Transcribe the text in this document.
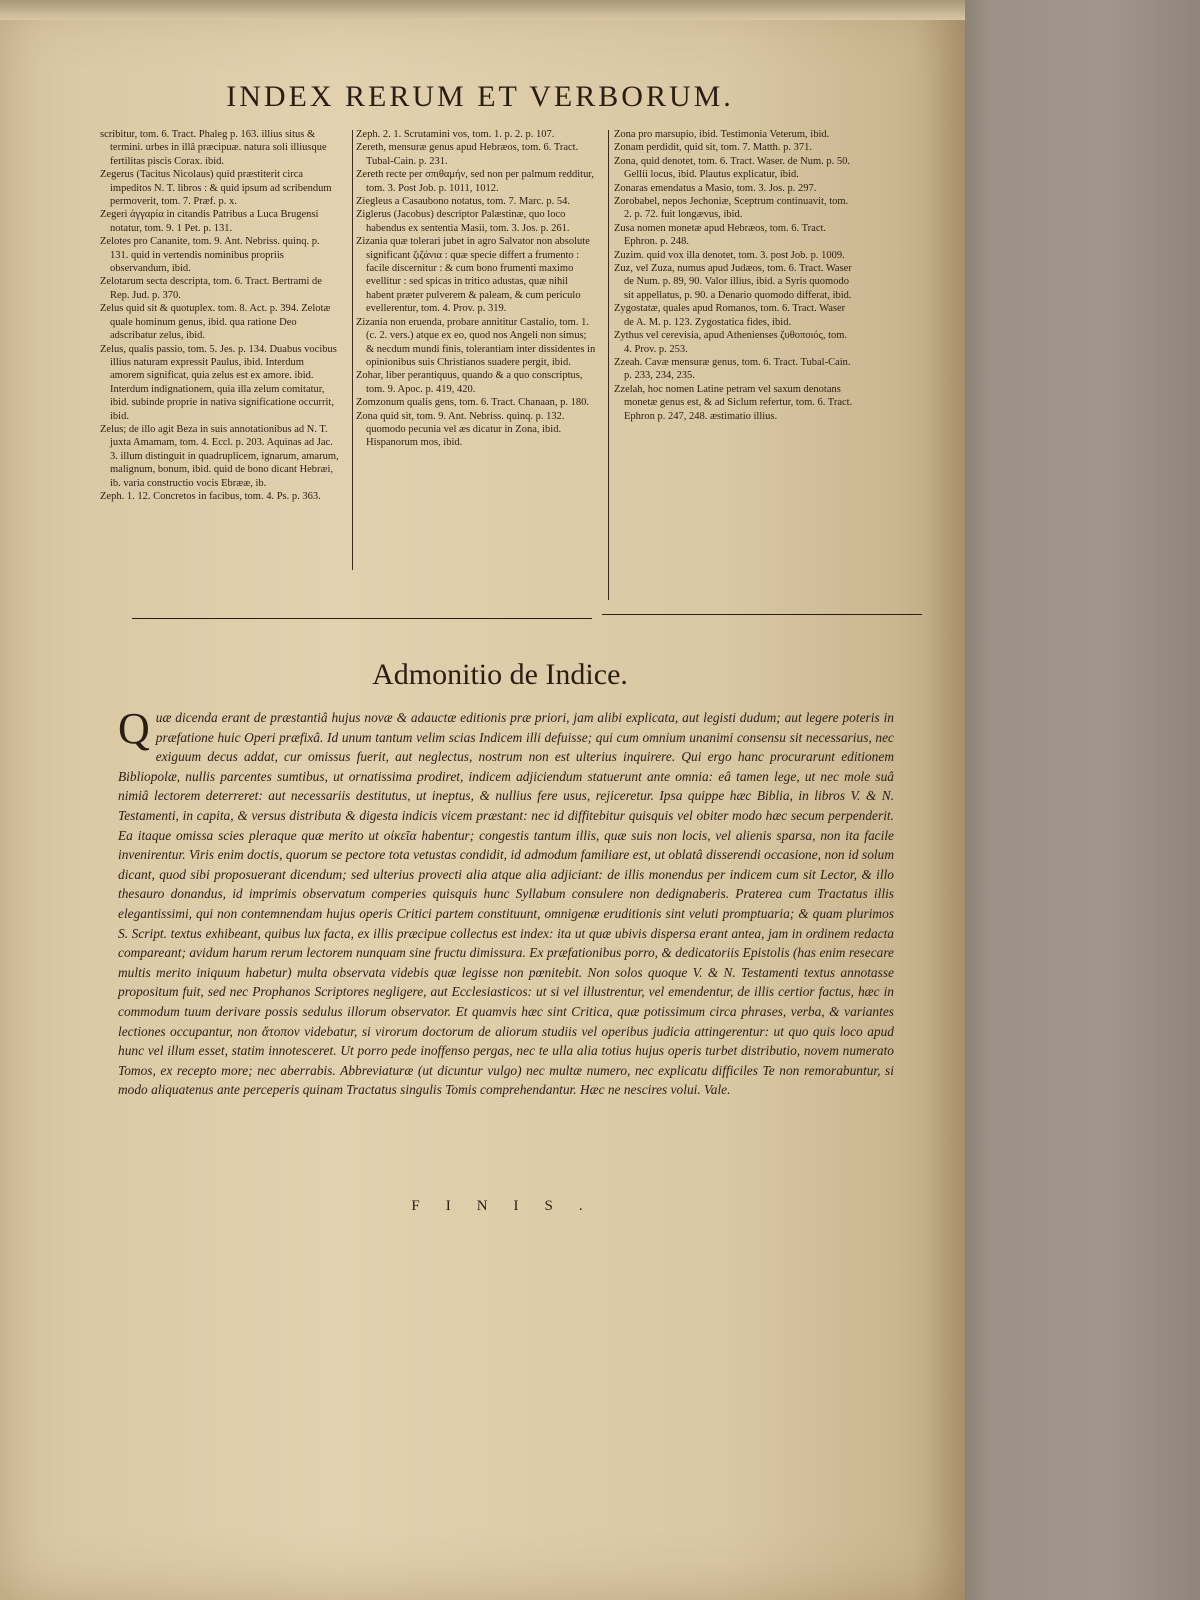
INDEX RERUM ET VERBORUM.

scribitur, tom. 6. Tract. Phaleg p. 163. illius situs & termini. urbes in illâ præcipuæ. natura soli illiusque fertilitas piscis Corax. ibid.

Zegerus (Tacitus Nicolaus) quid præstiterit circa impeditos N. T. libros : & quid ipsum ad scribendum permoverit, tom. 7. Præf. p. x.

Zegeri άγγαρία in citandis Patribus a Luca Brugensi notatur, tom. 9. 1 Pet. p. 131.

Zelotes pro Cananite, tom. 9. Ant. Nebriss. quinq. p. 131. quid in vertendis nominibus propriis observandum, ibid.

Zelotarum secta descripta, tom. 6. Tract. Bertrami de Rep. Jud. p. 370.

Zelus quid sit & quotuplex. tom. 8. Act. p. 394. Zelotæ quale hominum genus, ibid. qua ratione Deo adscribatur zelus, ibid.

Zelus, qualis passio, tom. 5. Jes. p. 134. Duabus vocibus illius naturam expressit Paulus, ibid. Interdum amorem significat, quia zelus est ex amore. ibid. Interdum indignationem, quia illa zelum comitatur, ibid. subinde proprie in nativa significatione occurrit, ibid.

Zelus; de illo agit Beza in suis annotationibus ad N. T. juxta Amamam, tom. 4. Eccl. p. 203. Aquinas ad Jac. 3. illum distinguit in quadruplicem, ignarum, amarum, malignum, bonum, ibid. quid de bono dicant Hebræi, ib. varia constructio vocis Ebrææ, ib.

Zeph. 1. 12. Concretos in facibus, tom. 4. Ps. p. 363.

Zeph. 2. 1. Scrutamini vos, tom. 1. p. 2. p. 107.

Zereth, mensuræ genus apud Hebræos, tom. 6. Tract. Tubal-Cain. p. 231.

Zereth recte per σπιθαμήν, sed non per palmum redditur, tom. 3. Post Job. p. 1011, 1012.

Ziegleus a Casaubono notatus, tom. 7. Marc. p. 54.

Ziglerus (Jacobus) descriptor Palæstinæ, quo loco habendus ex sententia Masii, tom. 3. Jos. p. 261.

Zizania quæ tolerari jubet in agro Salvator non absolute significant ζιζάνια : quæ specie differt a frumento : facile discernitur : & cum bono frumenti maximo evellitur : sed spicas in tritico adustas, quæ nihil habent præter pulverem & paleam, & cum periculo evellerentur, tom. 4. Prov. p. 319.

Zizania non eruenda, probare annititur Castalio, tom. 1. (c. 2. vers.) atque ex eo, quod nos Angeli non simus; & necdum mundi finis, tolerantiam inter dissidentes in opinionibus suis Christianos suadere pergit, ibid.

Zohar, liber perantiquus, quando & a quo conscriptus, tom. 9. Apoc. p. 419, 420.

Zomzonum qualis gens, tom. 6. Tract. Chanaan, p. 180.

Zona quid sit, tom. 9. Ant. Nebriss. quinq. p. 132. quomodo pecunia vel æs dicatur in Zona, ibid. Hispanorum mos, ibid.

Zona pro marsupio, ibid. Testimonia Veterum, ibid.

Zonam perdidit, quid sit, tom. 7. Matth. p. 371.

Zona, quid denotet, tom. 6. Tract. Waser. de Num. p. 50. Gellii locus, ibid. Plautus explicatur, ibid.

Zonaras emendatus a Masio, tom. 3. Jos. p. 297.

Zorobabel, nepos Jechoniæ, Sceptrum continuavit, tom. 2. p. 72. fuit longævus, ibid.

Zusa nomen monetæ apud Hebræos, tom. 6. Tract. Ephron. p. 248.

Zuzim. quid vox illa denotet, tom. 3. post Job. p. 1009.

Zuz, vel Zuza, numus apud Judæos, tom. 6. Tract. Waser de Num. p. 89, 90. Valor illius, ibid. a Syris quomodo sit appellatus, p. 90. a Denario quomodo differat, ibid.

Zygostatæ, quales apud Romanos, tom. 6. Tract. Waser de A. M. p. 123. Zygostatica fides, ibid.

Zythus vel cerevisia, apud Athenienses ζυθοποιός, tom. 4. Prov. p. 253.

Zzeah. Cavæ mensuræ genus, tom. 6. Tract. Tubal-Cain. p. 233, 234, 235.

Zzelah, hoc nomen Latine petram vel saxum denotans monetæ genus est, & ad Siclum refertur, tom. 6. Tract. Ephron p. 247, 248. æstimatio illius.

Admonitio de Indice.
Quæ dicenda erant de præstantiâ hujus novæ & adauctæ editionis præ priori, jam alibi explicata, aut legisti dudum; aut legere poteris in præfatione huic Operi præfixâ. Id unum tantum velim scias Indicem illi defuisse; qui cum omnium unanimi consensu sit necessarius, nec exiguum decus addat, cur omissus fuerit, aut neglectus, nostrum non est ulterius inquirere. Qui ergo hanc procurarunt editionem Bibliopolæ, nullis parcentes sumtibus, ut ornatissima prodiret, indicem adjiciendum statuerunt ante omnia: eâ tamen lege, ut nec mole suâ nimiâ lectorem deterreret: aut necessariis destitutus, ut ineptus, & nullius fere usus, rejiceretur. Ipsa quippe hæc Biblia, in libros V. & N. Testamenti, in capita, & versus distributa & digesta indicis vicem præstant: nec id diffitebitur quisquis vel obiter modo hæc secum perpenderit. Ea itaque omissa scies pleraque quæ merito ut οἰκεῖα habentur; congestis tantum illis, quæ suis non locis, vel alienis sparsa, non ita facile invenirentur. Viris enim doctis, quorum se pectore tota vetustas condidit, id admodum familiare est, ut oblatâ disserendi occasione, non id solum dicant, quod sibi proposuerant dicendum; sed ulterius provecti alia atque alia adjiciant: de illis monendus per indicem cum sit Lector, & illo thesauro donandus, id imprimis observatum comperies quisquis hunc Syllabum consulere non dedignaberis. Praterea cum Tractatus illis elegantissimi, qui non contemnendam hujus operis Critici partem constituunt, omnigenæ eruditionis sint veluti promptuaria; & quam plurimos S. Script. textus exhibeant, quibus lux facta, ex illis præcipue collectus est index: ita ut quæ ubivis dispersa erant antea, jam in ordinem redacta compareant; avidum harum rerum lectorem nunquam sine fructu dimissura. Ex præfationibus porro, & dedicatoriis Epistolis (has enim resecare multis merito iniquum habetur) multa observata videbis quæ legisse non pœnitebit. Non solos quoque V. & N. Testamenti textus annotasse propositum fuit, sed nec Prophanos Scriptores negligere, aut Ecclesiasticos: ut si vel illustrentur, vel emendentur, de illis certior factus, hæc in commodum tuum derivare possis sedulus illorum observator. Et quamvis hæc sint Critica, quæ potissimum circa phrases, verba, & variantes lectiones occupantur, non ἄτοπον videbatur, si virorum doctorum de aliorum studiis vel operibus judicia attingerentur: ut quo quis loco apud hunc vel illum esset, statim innotesceret. Ut porro pede inoffenso pergas, nec te ulla alia totius hujus operis turbet distributio, novem numerato Tomos, ex recepto more; nec aberrabis. Abbreviaturæ (ut dicuntur vulgo) nec multæ numero, nec explicatu difficiles Te non remorabuntur, si modo aliquatenus ante perceperis quinam Tractatus singulis Tomis comprehendantur. Hæc ne nescires volui. Vale.
FINIS.
